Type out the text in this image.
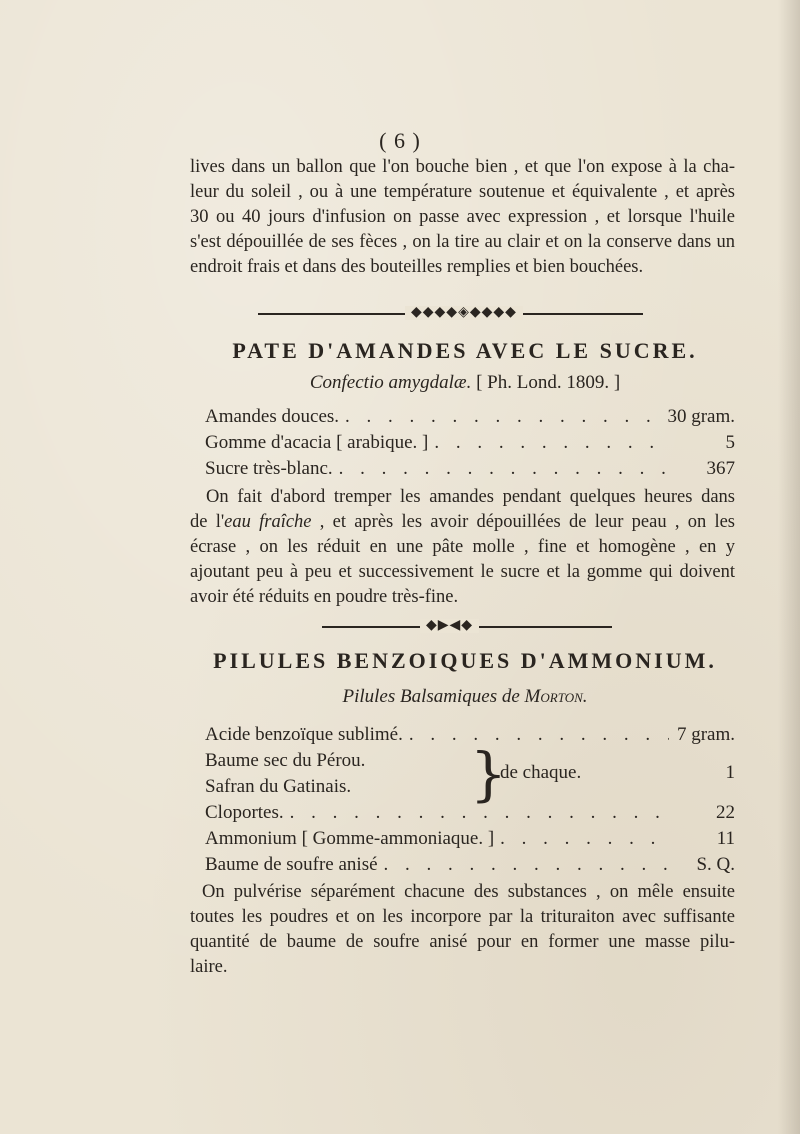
( 6 )
lives dans un ballon que l'on bouche bien , et que l'on expose à la cha-
leur du soleil , ou à une température soutenue et équivalente , et après
30 ou 40 jours d'infusion on passe avec expression , et lorsque l'huile
s'est dépouillée de ses fèces , on la tire au clair et on la conserve dans un
endroit frais et dans des bouteilles remplies et bien bouchées.
◆◆◆◆◈◆◆◆◆
PATE D'AMANDES AVEC LE SUCRE.
Confectio amygdalæ. [ Ph. Lond. 1809. ]
Amandes douces. . . .	30 gram.
Gomme d'acacia [ arabique. ] . . .	5
Sucre très-blanc. . . .	367
On fait d'abord tremper les amandes pendant quelques heures dans
de l'eau fraîche , et après les avoir dépouillées de leur peau , on les
écrase , on les réduit en une pâte molle , fine et homogène , en y
ajoutant peu à peu et successivement le sucre et la gomme qui doivent
avoir été réduits en poudre très-fine.
◆▶◀◆
PILULES BENZOIQUES D'AMMONIUM.
Pilules Balsamiques de Morton.
Acide benzoïque sublimé. . . .	7 gram.
Baume sec du Pérou.
Safran du Gatinais. }
de chaque.	1
Cloportes. . . .	22
Ammonium [ Gomme-ammoniaque. ] . . .	11
Baume de soufre anisé . . .	S. Q.
On pulvérise séparément chacune des substances , on mêle ensuite
toutes les poudres et on les incorpore par la trituraiton avec suffisante
quantité de baume de soufre anisé pour en former une masse pilu-
laire.
